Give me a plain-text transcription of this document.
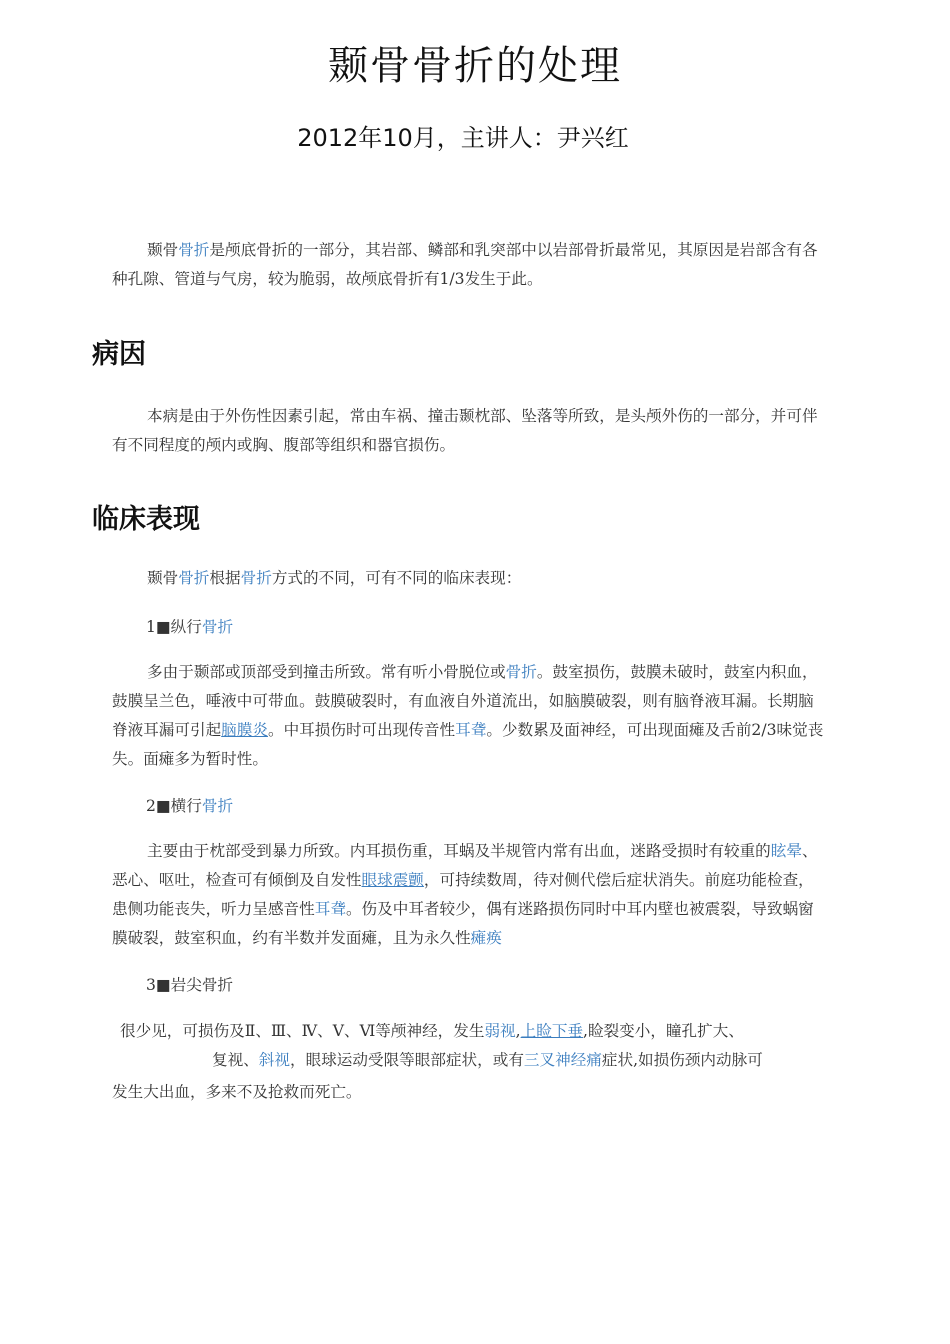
颞骨骨折的处理
2012年10月，主讲人：尹兴红
颞骨骨折是颅底骨折的一部分，其岩部、鳞部和乳突部中以岩部骨折最常见，其原因是岩部含有各种孔隙、管道与气房，较为脆弱，故颅底骨折有1/3发生于此。
病因
本病是由于外伤性因素引起，常由车祸、撞击颞枕部、坠落等所致，是头颅外伤的一部分，并可伴有不同程度的颅内或胸、腹部等组织和器官损伤。
临床表现
颞骨骨折根据骨折方式的不同，可有不同的临床表现：
1■纵行骨折
多由于颞部或顶部受到撞击所致。常有听小骨脱位或骨折。鼓室损伤，鼓膜未破时，鼓室内积血，鼓膜呈兰色，唾液中可带血。鼓膜破裂时，有血液自外道流出，如脑膜破裂，则有脑脊液耳漏。长期脑脊液耳漏可引起脑膜炎。中耳损伤时可出现传音性耳聋。少数累及面神经，可出现面瘫及舌前2/3味觉丧失。面瘫多为暂时性。
2■横行骨折
主要由于枕部受到暴力所致。内耳损伤重，耳蜗及半规管内常有出血，迷路受损时有较重的眩晕、恶心、呕吐，检查可有倾倒及自发性眼球震颤，可持续数周，待对侧代偿后症状消失。前庭功能检查，患侧功能丧失，听力呈感音性耳聋。伤及中耳者较少，偶有迷路损伤同时中耳内壁也被震裂，导致蜗窗膜破裂，鼓室积血，约有半数并发面瘫，且为永久性瘫痪
3■岩尖骨折
很少见，可损伤及Ⅱ、Ⅲ、Ⅳ、Ⅴ、Ⅵ等颅神经，发生弱视,上睑下垂,睑裂变小，瞳孔扩大、
复视、斜视，眼球运动受限等眼部症状，或有三叉神经痛症状,如损伤颈内动脉可
发生大出血，多来不及抢救而死亡。
